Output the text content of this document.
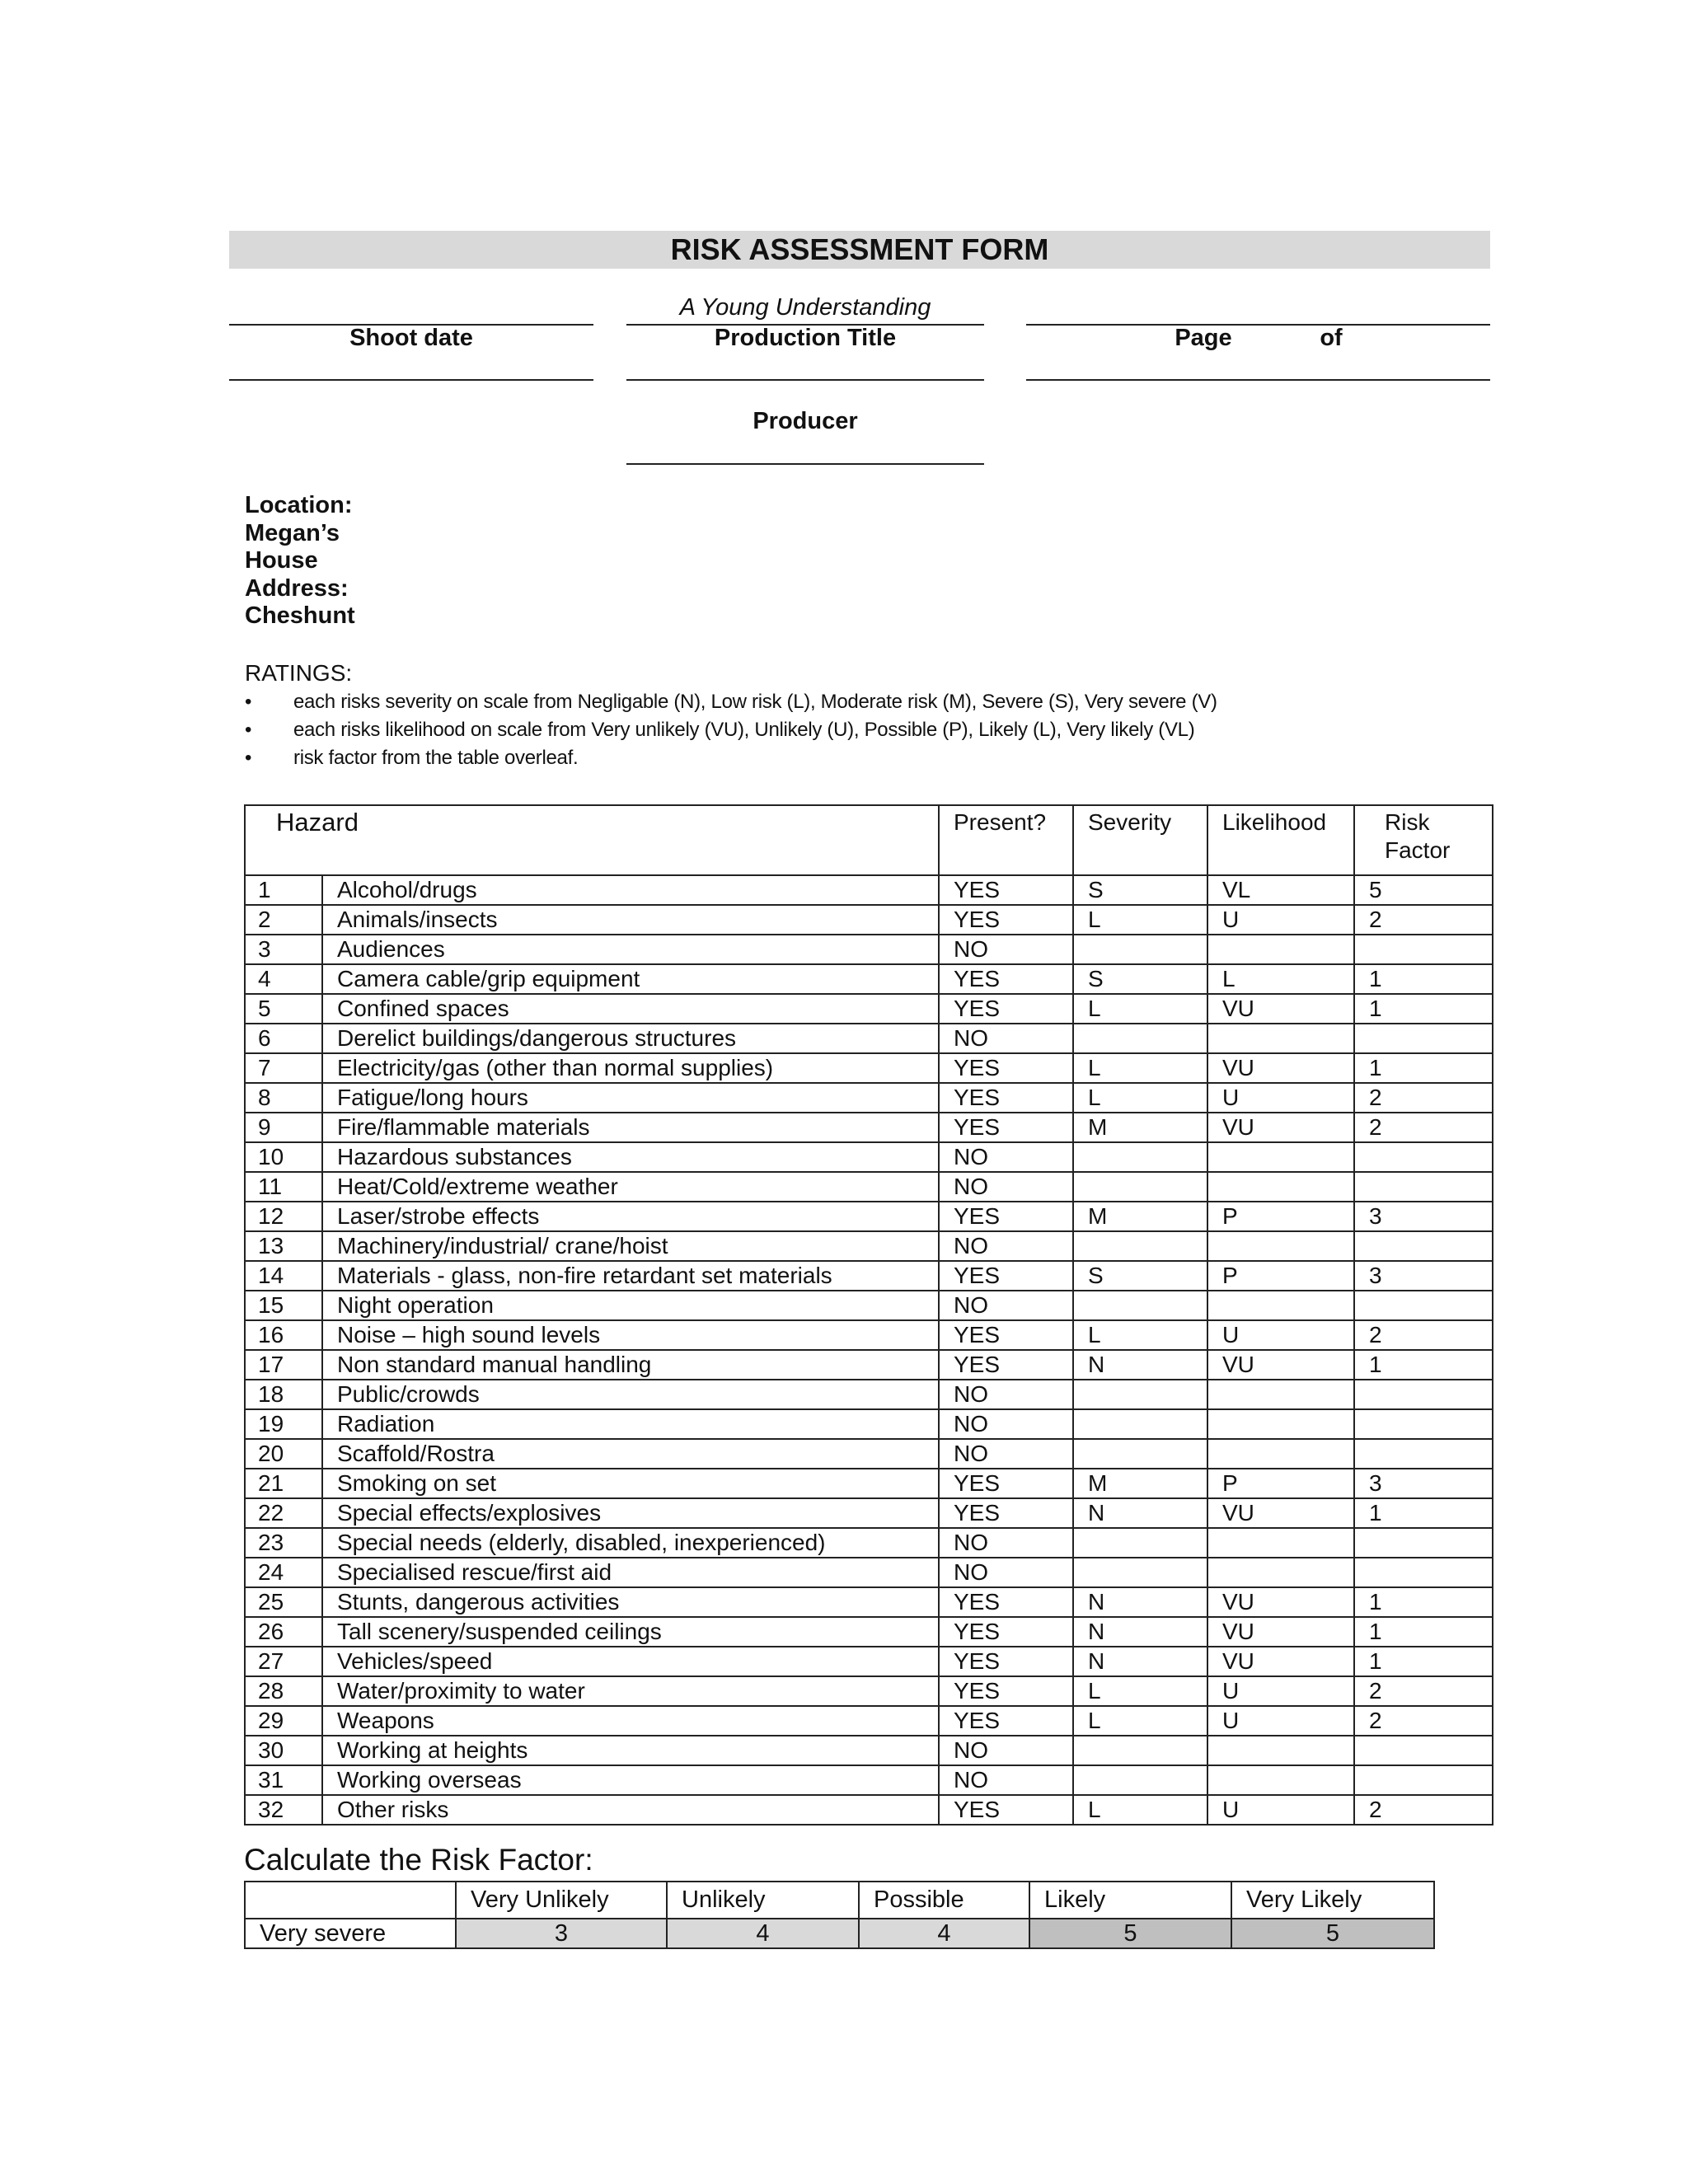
RISK ASSESSMENT FORM
A Young Understanding
Shoot date	Production Title	Page	of
Producer
Location:
Megan’s
House
Address:
Cheshunt
RATINGS:
• each risks severity on scale from Negligable (N), Low risk (L), Moderate risk (M), Severe (S), Very severe (V)
• each risks likelihood on scale from Very unlikely (VU), Unlikely (U), Possible (P), Likely (L), Very likely (VL)
• risk factor from the table overleaf.
Hazard		Present?	Severity	Likelihood	Risk Factor
1	Alcohol/drugs	YES	S	VL	5
2	Animals/insects	YES	L	U	2
3	Audiences	NO			
4	Camera cable/grip equipment	YES	S	L	1
5	Confined spaces	YES	L	VU	1
6	Derelict buildings/dangerous structures	NO			
7	Electricity/gas (other than normal supplies)	YES	L	VU	1
8	Fatigue/long hours	YES	L	U	2
9	Fire/flammable materials	YES	M	VU	2
10	Hazardous substances	NO			
11	Heat/Cold/extreme weather	NO			
12	Laser/strobe effects	YES	M	P	3
13	Machinery/industrial/ crane/hoist	NO			
14	Materials - glass, non-fire retardant set materials	YES	S	P	3
15	Night operation	NO			
16	Noise – high sound levels	YES	L	U	2
17	Non standard manual handling	YES	N	VU	1
18	Public/crowds	NO			
19	Radiation	NO			
20	Scaffold/Rostra	NO			
21	Smoking on set	YES	M	P	3
22	Special effects/explosives	YES	N	VU	1
23	Special needs (elderly, disabled, inexperienced)	NO			
24	Specialised rescue/first aid	NO			
25	Stunts, dangerous activities	YES	N	VU	1
26	Tall scenery/suspended ceilings	YES	N	VU	1
27	Vehicles/speed	YES	N	VU	1
28	Water/proximity to water	YES	L	U	2
29	Weapons	YES	L	U	2
30	Working at heights	NO			
31	Working overseas	NO			
32	Other risks	YES	L	U	2
Calculate the Risk Factor:
	Very Unlikely	Unlikely	Possible	Likely	Very Likely
Very severe	3	4	4	5	5
